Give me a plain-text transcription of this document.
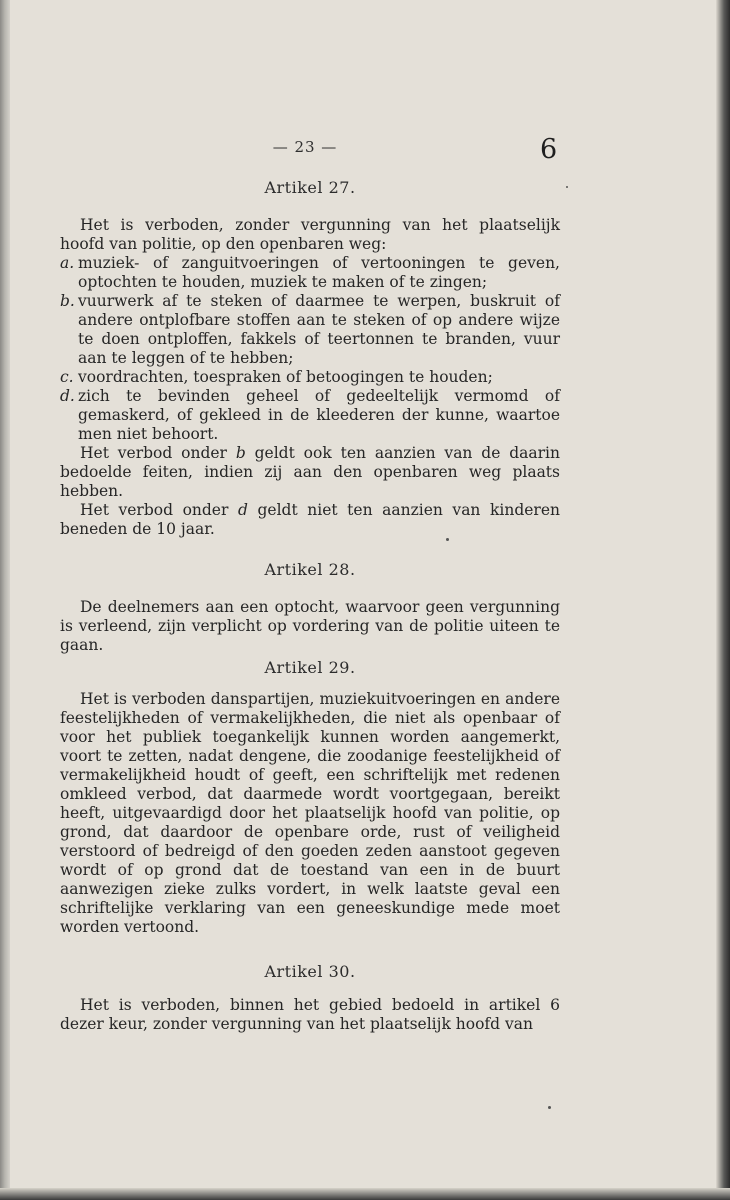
— 23 —	6
Artikel 27.

Het is verboden, zonder vergunning van het plaatselijk hoofd van politie, op den openbaren weg:

a. muziek- of zanguitvoeringen of vertooningen te geven, optochten te houden, muziek te maken of te zingen;
b. vuurwerk af te steken of daarmee te werpen, buskruit of andere ontplofbare stoffen aan te steken of op andere wijze te doen ontploffen, fakkels of teertonnen te branden, vuur aan te leggen of te hebben;
c. voordrachten, toespraken of betoogingen te houden;
d. zich te bevinden geheel of gedeeltelijk vermomd of gemaskerd, of gekleed in de kleederen der kunne, waartoe men niet behoort.

Het verbod onder b geldt ook ten aanzien van de daarin bedoelde feiten, indien zij aan den openbaren weg plaats hebben.

Het verbod onder d geldt niet ten aanzien van kinderen beneden de 10 jaar.

Artikel 28.

De deelnemers aan een optocht, waarvoor geen vergunning is verleend, zijn verplicht op vordering van de politie uiteen te gaan.

Artikel 29.

Het is verboden danspartijen, muziekuitvoeringen en andere feestelijkheden of vermakelijkheden, die niet als openbaar of voor het publiek toegankelijk kunnen worden aangemerkt, voort te zetten, nadat dengene, die zoodanige feestelijkheid of vermakelijkheid houdt of geeft, een schriftelijk met redenen omkleed verbod, dat daarmede wordt voortgegaan, bereikt heeft, uitgevaardigd door het plaatselijk hoofd van politie, op grond, dat daardoor de openbare orde, rust of veiligheid verstoord of bedreigd of den goeden zeden aanstoot gegeven wordt of op grond dat de toestand van een in de buurt aanwezigen zieke zulks vordert, in welk laatste geval een schriftelijke verklaring van een geneeskundige mede moet worden vertoond.

Artikel 30.

Het is verboden, binnen het gebied bedoeld in artikel 6 dezer keur, zonder vergunning van het plaatselijk hoofd van
